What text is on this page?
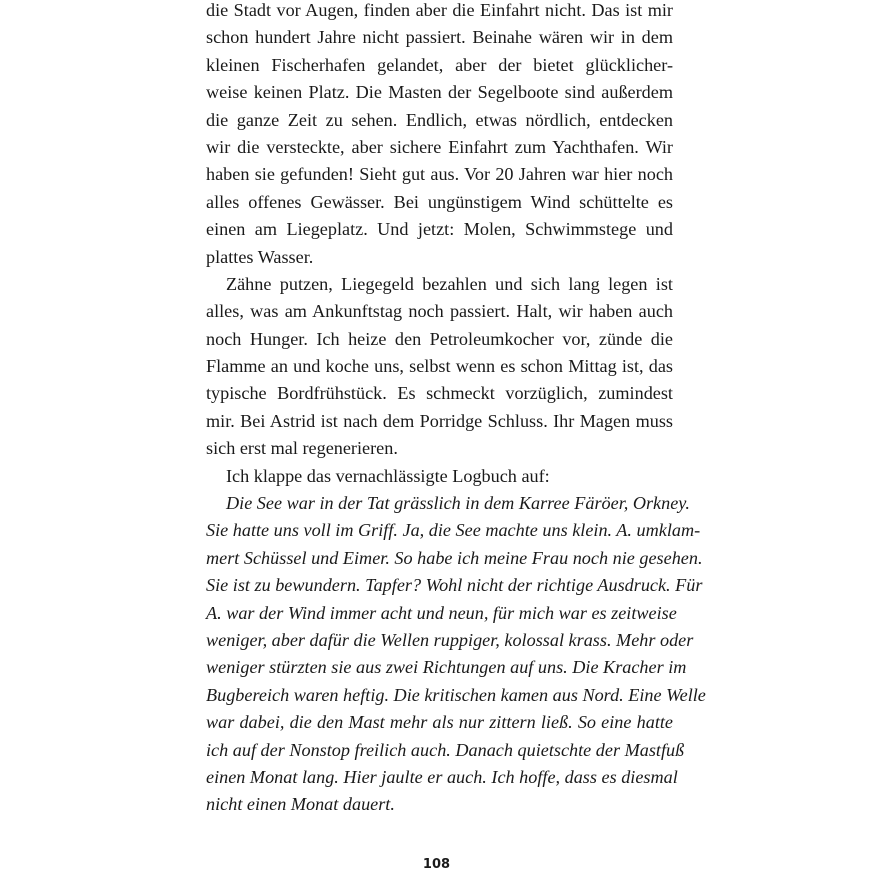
die Stadt vor Augen, finden aber die Einfahrt nicht. Das ist mir
schon hundert Jahre nicht passiert. Beinahe wären wir in dem
kleinen Fischerhafen gelandet, aber der bietet glücklicher-
weise keinen Platz. Die Masten der Segelboote sind außerdem
die ganze Zeit zu sehen. Endlich, etwas nördlich, entdecken
wir die versteckte, aber sichere Einfahrt zum Yachthafen. Wir
haben sie gefunden! Sieht gut aus. Vor 20 Jahren war hier noch
alles offenes Gewässer. Bei ungünstigem Wind schüttelte es
einen am Liegeplatz. Und jetzt: Molen, Schwimmstege und
plattes Wasser.
Zähne putzen, Liegegeld bezahlen und sich lang legen ist
alles, was am Ankunftstag noch passiert. Halt, wir haben auch
noch Hunger. Ich heize den Petroleumkocher vor, zünde die
Flamme an und koche uns, selbst wenn es schon Mittag ist, das
typische Bordfrühstück. Es schmeckt vorzüglich, zumindest
mir. Bei Astrid ist nach dem Porridge Schluss. Ihr Magen muss
sich erst mal regenerieren.
Ich klappe das vernachlässigte Logbuch auf:
Die See war in der Tat grässlich in dem Karree Färöer, Orkney.
Sie hatte uns voll im Griff. Ja, die See machte uns klein. A. umklam-
mert Schüssel und Eimer. So habe ich meine Frau noch nie gesehen.
Sie ist zu bewundern. Tapfer? Wohl nicht der richtige Ausdruck. Für
A. war der Wind immer acht und neun, für mich war es zeitweise
weniger, aber dafür die Wellen ruppiger, kolossal krass. Mehr oder
weniger stürzten sie aus zwei Richtungen auf uns. Die Kracher im
Bugbereich waren heftig. Die kritischen kamen aus Nord. Eine Welle
war dabei, die den Mast mehr als nur zittern ließ. So eine hatte
ich auf der Nonstop freilich auch. Danach quietschte der Mastfuß
einen Monat lang. Hier jaulte er auch. Ich hoffe, dass es diesmal
nicht einen Monat dauert.
108
